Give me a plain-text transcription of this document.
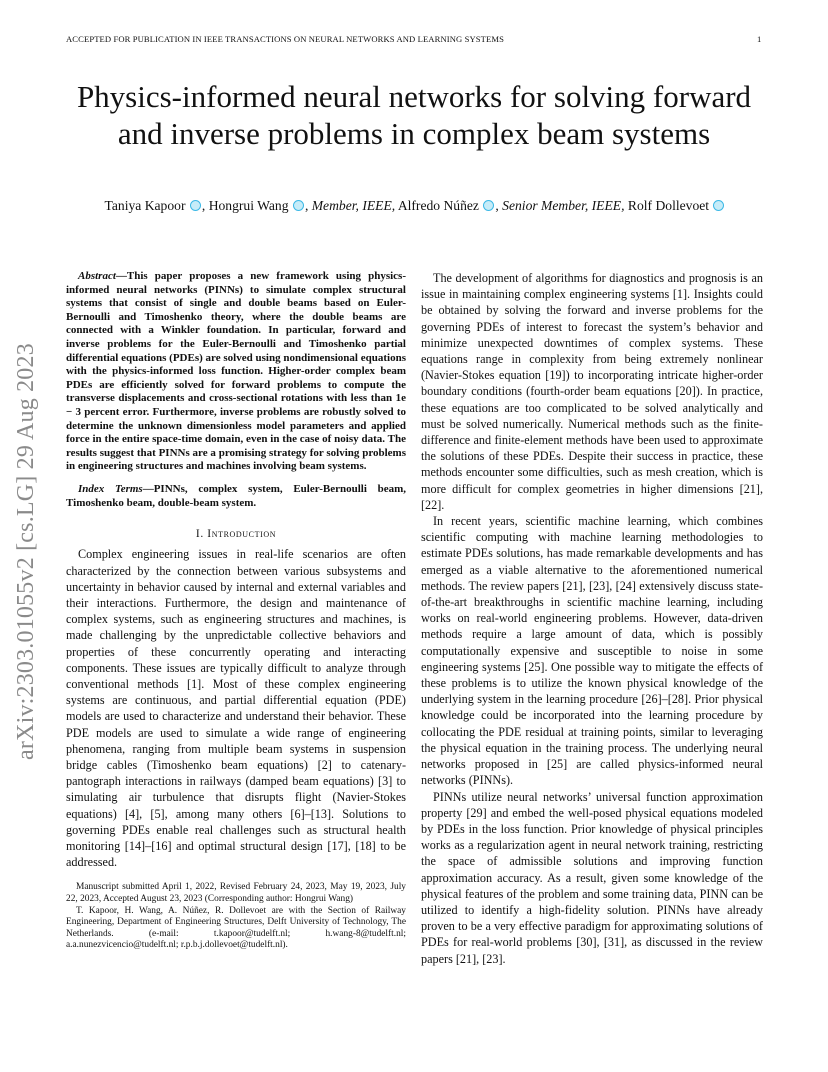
ACCEPTED FOR PUBLICATION IN IEEE TRANSACTIONS ON NEURAL NETWORKS AND LEARNING SYSTEMS	1
arXiv:2303.01055v2 [cs.LG] 29 Aug 2023
Physics-informed neural networks for solving forward and inverse problems in complex beam systems
Taniya Kapoor , Hongrui Wang , Member, IEEE, Alfredo Núñez , Senior Member, IEEE, Rolf Dollevoet

Abstract—This paper proposes a new framework using physics-informed neural networks (PINNs) to simulate complex structural systems that consist of single and double beams based on Euler-Bernoulli and Timoshenko theory, where the double beams are connected with a Winkler foundation. In particular, forward and inverse problems for the Euler-Bernoulli and Timoshenko partial differential equations (PDEs) are solved using nondimensional equations with the physics-informed loss function. Higher-order complex beam PDEs are efficiently solved for forward problems to compute the transverse displacements and cross-sectional rotations with less than 1e − 3 percent error. Furthermore, inverse problems are robustly solved to determine the unknown dimensionless model parameters and applied force in the entire space-time domain, even in the case of noisy data. The results suggest that PINNs are a promising strategy for solving problems in engineering structures and machines involving beam systems.

Index Terms—PINNs, complex system, Euler-Bernoulli beam, Timoshenko beam, double-beam system.

I. Introduction

Complex engineering issues in real-life scenarios are often characterized by the connection between various subsystems and uncertainty in behavior caused by internal and external variables and their interactions. Furthermore, the design and maintenance of complex systems, such as engineering structures and machines, is made challenging by the unpredictable collective behaviors and properties of these concurrently operating and interacting components. These issues are typically difficult to analyze through conventional methods [1]. Most of these complex engineering systems are continuous, and partial differential equation (PDE) models are used to characterize and understand their behavior. These PDE models are used to simulate a wide range of engineering phenomena, ranging from multiple beam systems in suspension bridge cables (Timoshenko beam equations) [2] to catenary-pantograph interactions in railways (damped beam equations) [3] to simulating air turbulence that disrupts flight (Navier-Stokes equations) [4], [5], among many others [6]–[13]. Solutions to governing PDEs enable real challenges such as structural health monitoring [14]–[16] and optimal structural design [17], [18] to be addressed.

Manuscript submitted April 1, 2022, Revised February 24, 2023, May 19, 2023, July 22, 2023, Accepted August 23, 2023 (Corresponding author: Hongrui Wang)

T. Kapoor, H. Wang, A. Núñez, R. Dollevoet are with the Section of Railway Engineering, Department of Engineering Structures, Delft University of Technology, The Netherlands. (e-mail: t.kapoor@tudelft.nl; h.wang-8@tudelft.nl; a.a.nunezvicencio@tudelft.nl; r.p.b.j.dollevoet@tudelft.nl).

The development of algorithms for diagnostics and prognosis is an issue in maintaining complex engineering systems [1]. Insights could be obtained by solving the forward and inverse problems for the governing PDEs of interest to forecast the system’s behavior and minimize unexpected downtimes of complex systems. These equations range in complexity from being extremely nonlinear (Navier-Stokes equation [19]) to incorporating intricate higher-order boundary conditions (fourth-order beam equations [20]). In practice, these equations are too complicated to be solved analytically and must be solved numerically. Numerical methods such as the finite-difference and finite-element methods have been used to approximate the solutions of these PDEs. Despite their success in practice, these methods encounter some difficulties, such as mesh creation, which is more difficult for complex geometries in higher dimensions [21], [22].

In recent years, scientific machine learning, which combines scientific computing with machine learning methodologies to estimate PDEs solutions, has made remarkable developments and has emerged as a viable alternative to the aforementioned numerical methods. The review papers [21], [23], [24] extensively discuss state-of-the-art breakthroughs in scientific machine learning, including works on real-world engineering problems. However, data-driven methods require a large amount of data, which is possibly computationally expensive and susceptible to noise in some engineering systems [25]. One possible way to mitigate the effects of these problems is to utilize the known physical knowledge of the underlying system in the learning procedure [26]–[28]. Prior physical knowledge could be incorporated into the learning procedure by collocating the PDE residual at training points, similar to leveraging the physical equation in the training process. The underlying neural networks proposed in [25] are called physics-informed neural networks (PINNs).

PINNs utilize neural networks’ universal function approximation property [29] and embed the well-posed physical equations modeled by PDEs in the loss function. Prior knowledge of physical principles works as a regularization agent in neural network training, restricting the space of admissible solutions and improving function approximation accuracy. As a result, given some knowledge of the physical features of the problem and some training data, PINN can be utilized to identify a high-fidelity solution. PINNs have already proven to be a very effective paradigm for approximating solutions of PDEs for real-world problems [30], [31], as discussed in the review papers [21], [23].
